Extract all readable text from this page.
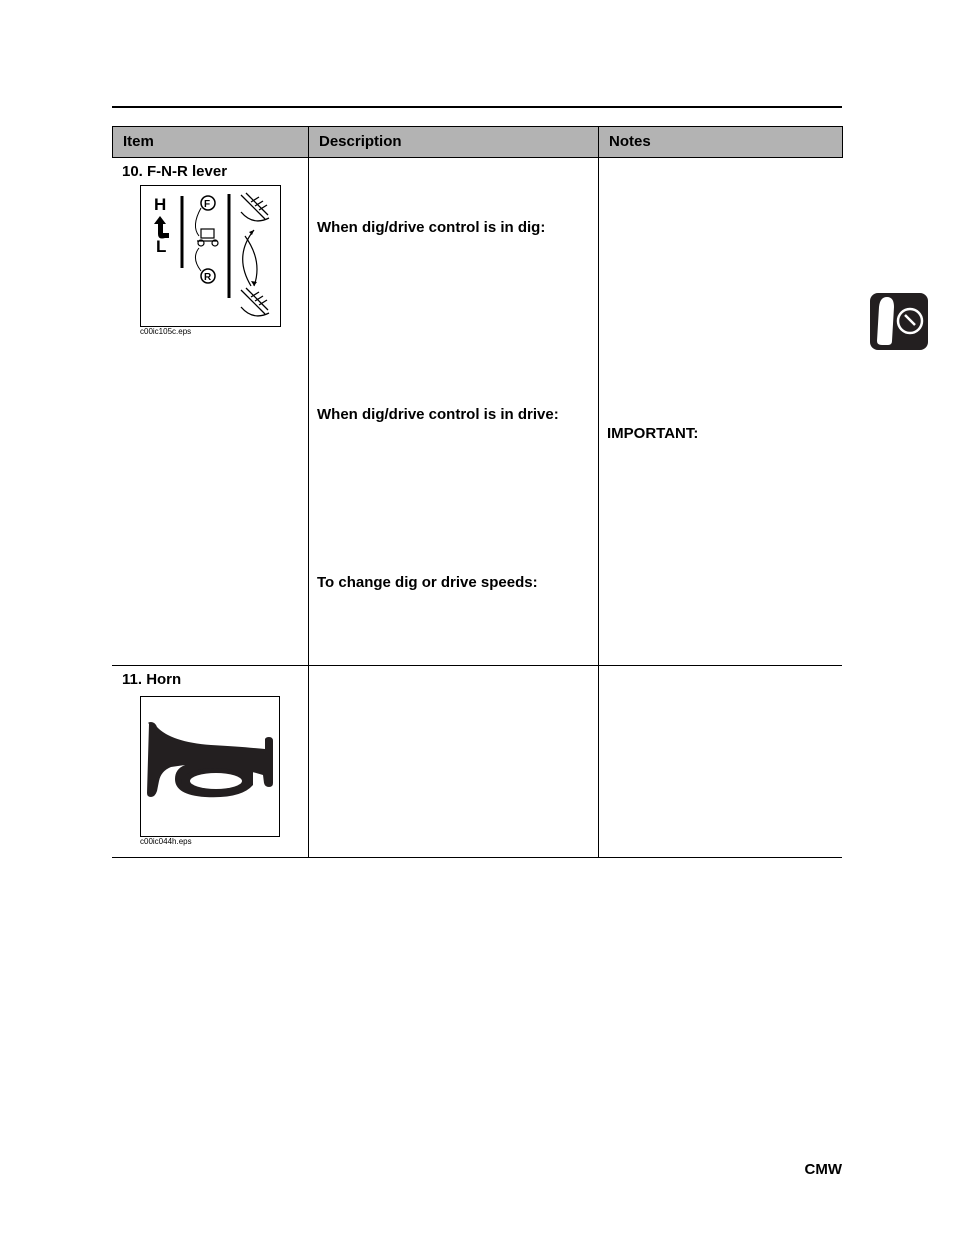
Item	Description	Notes
10. F-N-R lever
H
L
F
R
c00ic105c.eps
When dig/drive control is in dig:
When dig/drive control is in drive:
To change dig or drive speeds:
IMPORTANT:
11. Horn
c00ic044h.eps
CMW
